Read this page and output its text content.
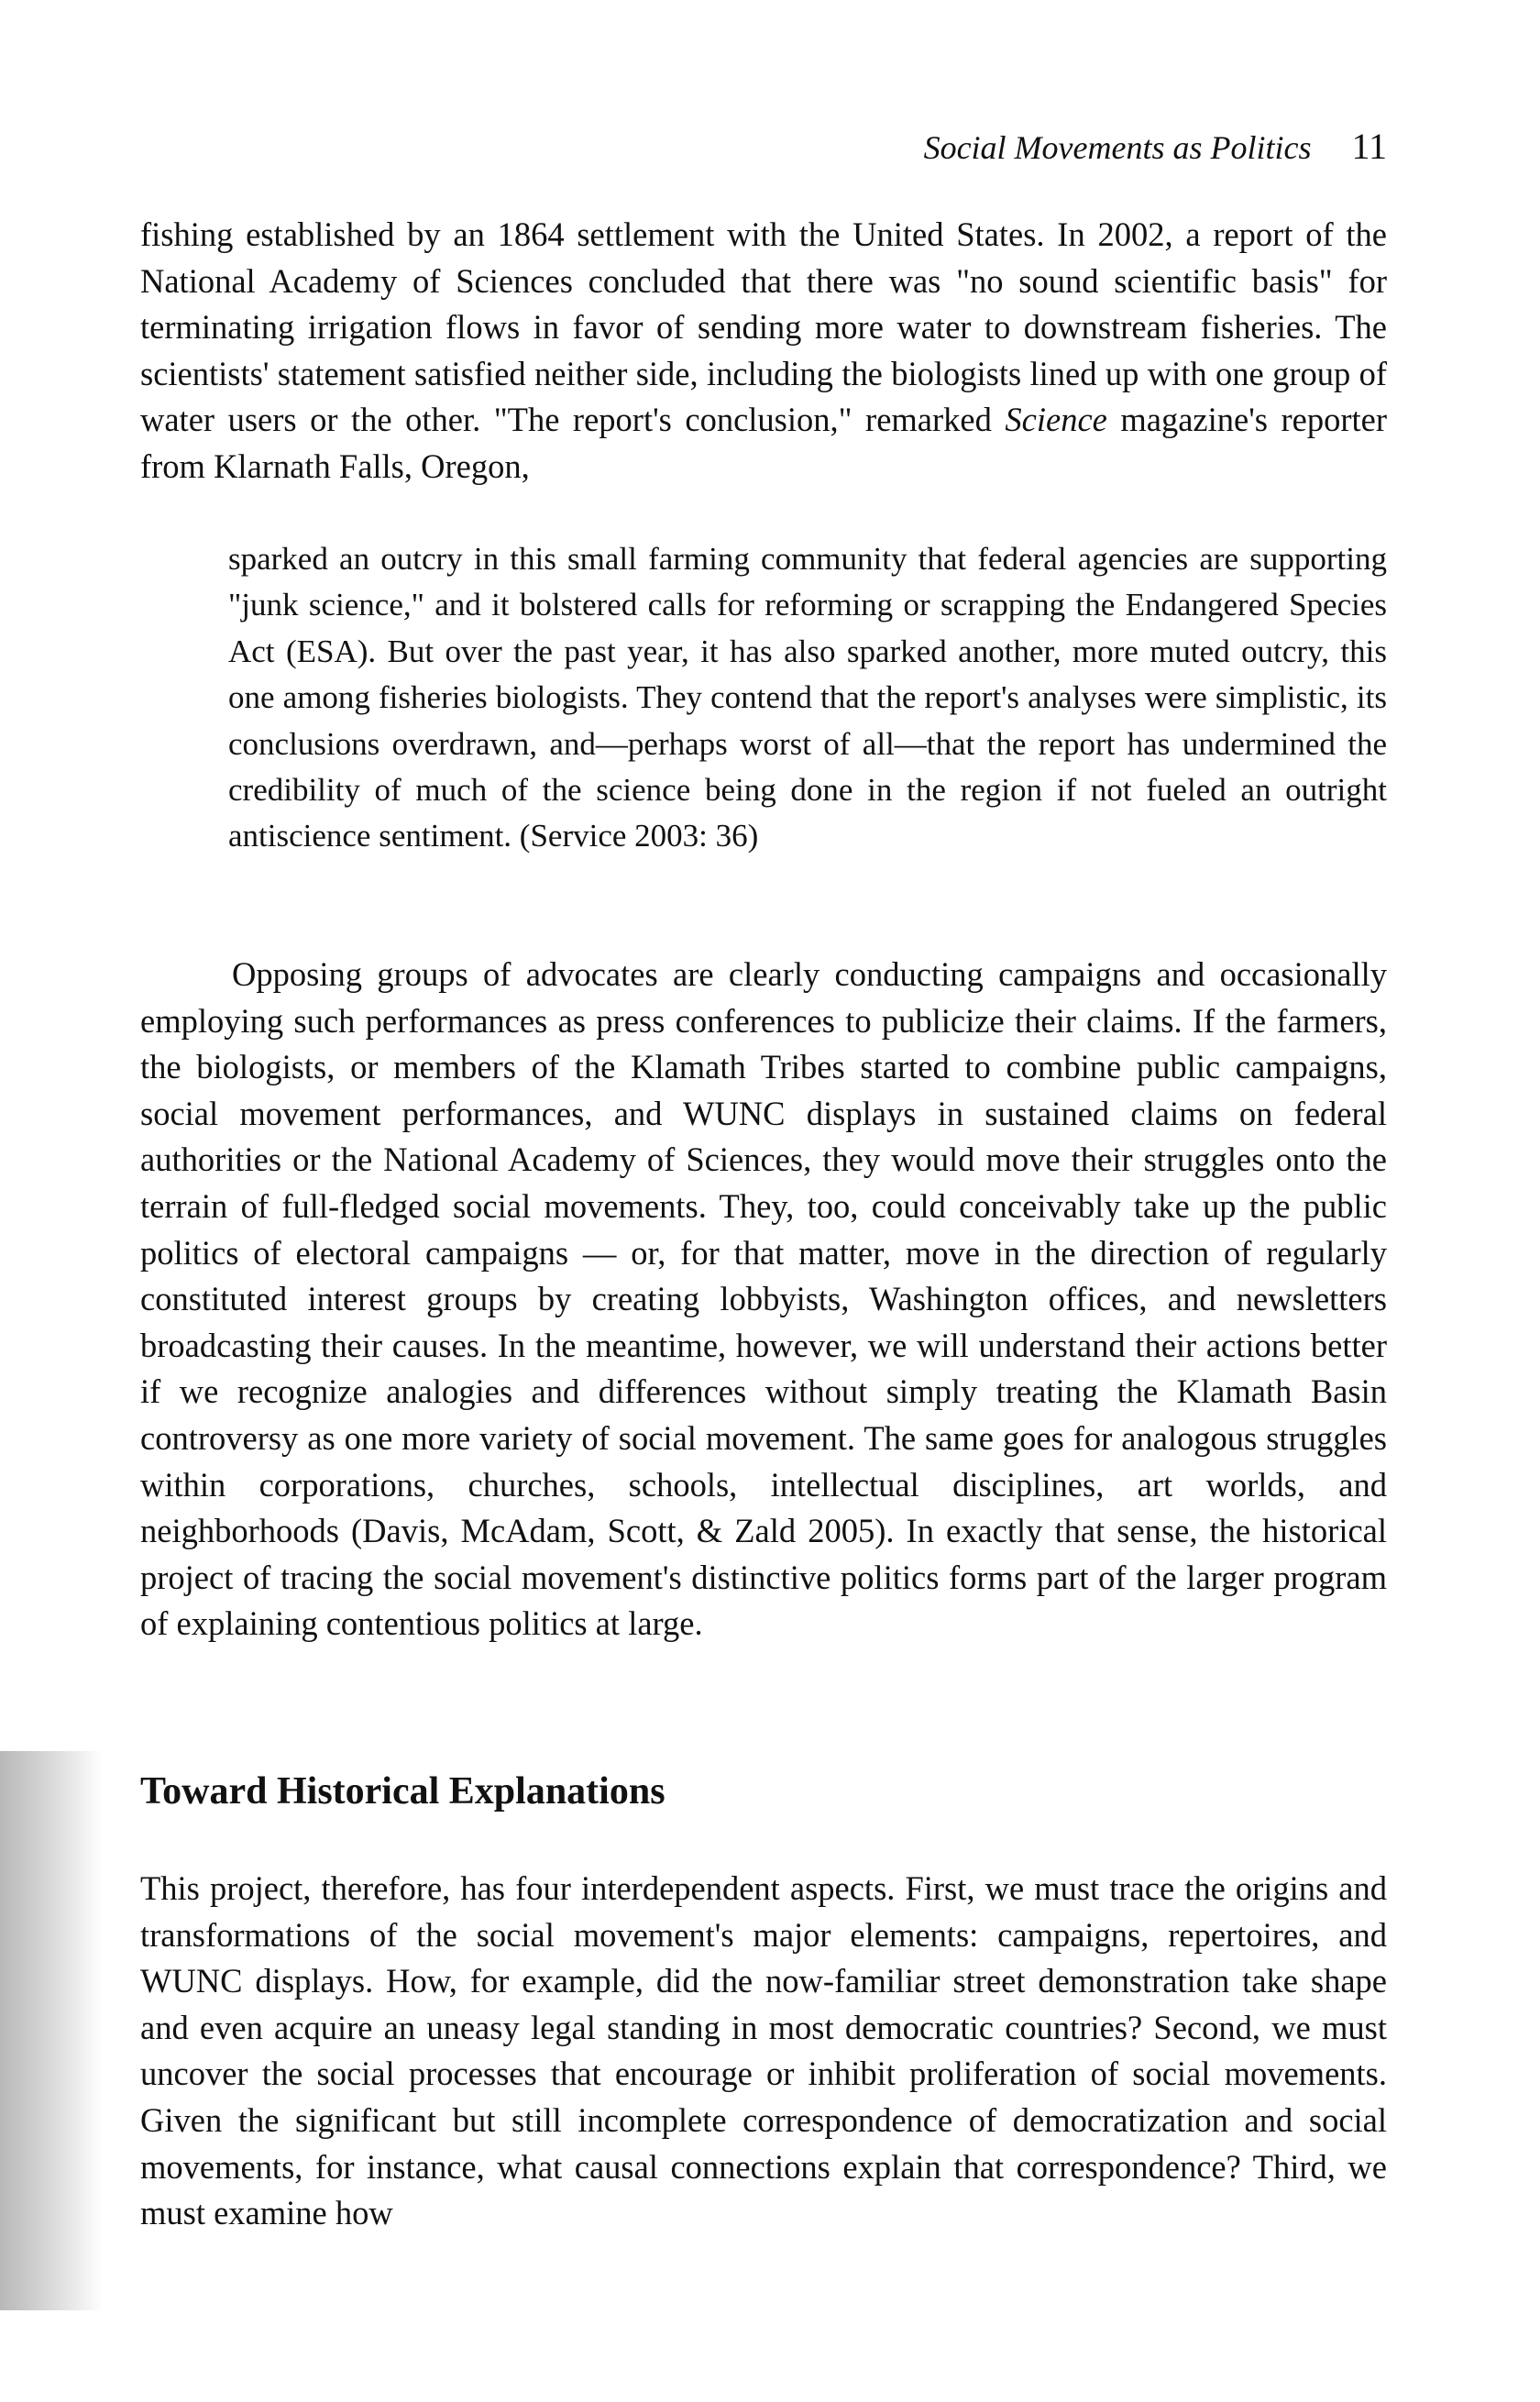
Social Movements as Politics 11

fishing established by an 1864 settlement with the United States. In 2002, a report of the National Academy of Sciences concluded that there was "no sound scientific basis" for terminating irrigation flows in favor of sending more water to downstream fisheries. The scientists' statement satisfied neither side, including the biologists lined up with one group of water users or the other. "The report's conclusion," remarked Science magazine's reporter from Klarnath Falls, Oregon,

sparked an outcry in this small farming community that federal agencies are supporting "junk science," and it bolstered calls for reforming or scrapping the Endangered Species Act (ESA). But over the past year, it has also sparked another, more muted outcry, this one among fisheries biologists. They contend that the report's analyses were simplistic, its conclusions overdrawn, and—perhaps worst of all—that the report has undermined the credibility of much of the science being done in the region if not fueled an outright antiscience sentiment. (Service 2003: 36)

Opposing groups of advocates are clearly conducting campaigns and occasionally employing such performances as press conferences to publicize their claims. If the farmers, the biologists, or members of the Klamath Tribes started to combine public campaigns, social movement performances, and WUNC displays in sustained claims on federal authorities or the National Academy of Sciences, they would move their struggles onto the terrain of full-fledged social movements. They, too, could conceivably take up the public politics of electoral campaigns — or, for that matter, move in the direction of regularly constituted interest groups by creating lobbyists, Washington offices, and newsletters broadcasting their causes. In the meantime, however, we will understand their actions better if we recognize analogies and differences without simply treating the Klamath Basin controversy as one more variety of social movement. The same goes for analogous struggles within corporations, churches, schools, intellectual disciplines, art worlds, and neighborhoods (Davis, McAdam, Scott, & Zald 2005). In exactly that sense, the historical project of tracing the social movement's distinctive politics forms part of the larger program of explaining contentious politics at large.

Toward Historical Explanations

This project, therefore, has four interdependent aspects. First, we must trace the origins and transformations of the social movement's major elements: campaigns, repertoires, and WUNC displays. How, for example, did the now-familiar street demonstration take shape and even acquire an uneasy legal standing in most democratic countries? Second, we must uncover the social processes that encourage or inhibit proliferation of social movements. Given the significant but still incomplete correspondence of democratization and social movements, for instance, what causal connections explain that correspondence? Third, we must examine how
